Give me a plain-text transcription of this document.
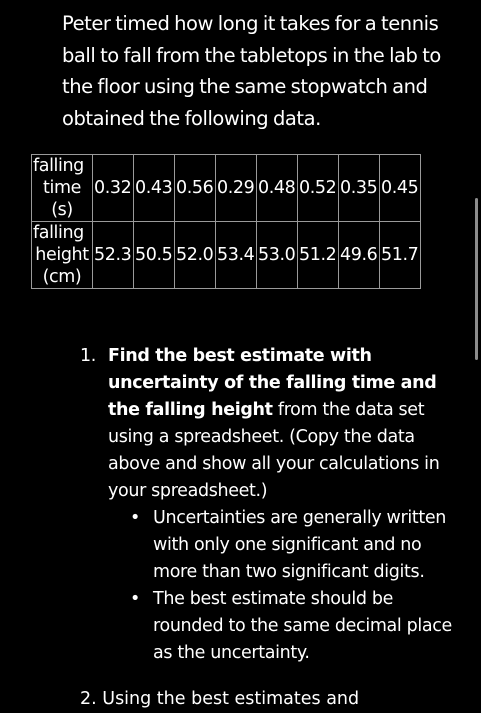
Peter timed how long it takes for a tennis ball to fall from the tabletops in the lab to the floor using the same stopwatch and obtained the following data.

falling
time
(s)	0.32	0.43	0.56	0.29	0.48	0.52	0.35	0.45

falling
height
(cm)	52.3	50.5	52.0	53.4	53.0	51.2	49.6	51.7
1. Find the best estimate with uncertainty of the falling time and the falling height from the data set using a spreadsheet. (Copy the data above and show all your calculations in your spreadsheet.)
• Uncertainties are generally written with only one significant and no more than two significant digits.
• The best estimate should be rounded to the same decimal place as the uncertainty.
2. Using the best estimates and
